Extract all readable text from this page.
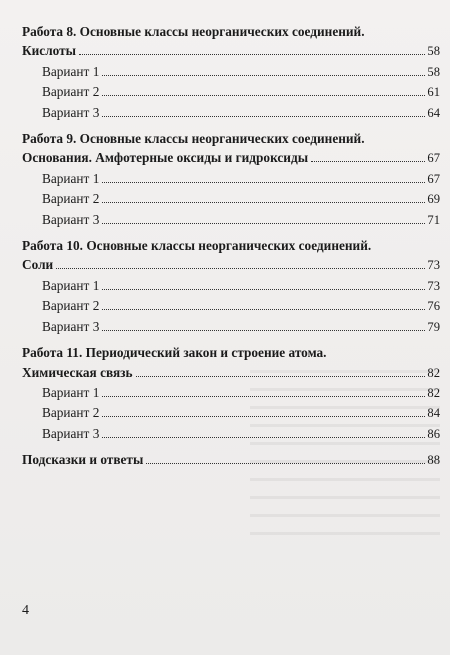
Работа 8. Основные классы неорганических соединений.
Кислоты	58
Вариант 1	58
Вариант 2	61
Вариант 3	64
Работа 9. Основные классы неорганических соединений.
Основания. Амфотерные оксиды и гидроксиды	67
Вариант 1	67
Вариант 2	69
Вариант 3	71
Работа 10. Основные классы неорганических соединений.
Соли	73
Вариант 1	73
Вариант 2	76
Вариант 3	79
Работа 11. Периодический закон и строение атома.
Химическая связь	82
Вариант 1	82
Вариант 2	84
Вариант 3	86
Подсказки и ответы	88
4
